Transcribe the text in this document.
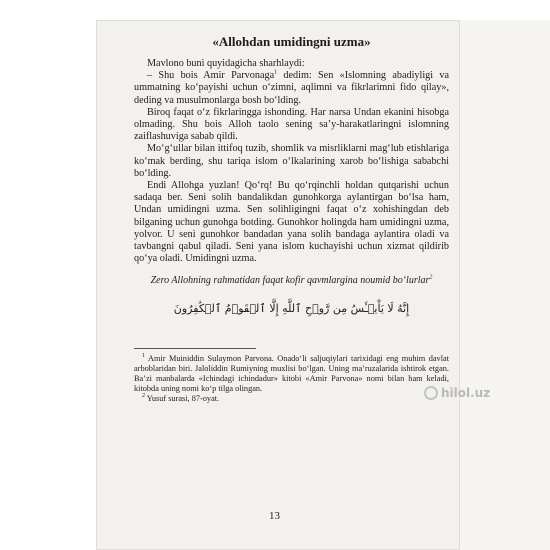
«Allohdan umidingni uzma»

Mavlono buni quyidagicha sharhlaydi:

– Shu bois Amir Parvonaga$^1$ dedim: Sen «Islomning abadiyligi va ummatning ko‘payishi uchun o‘zimni, aqlimni va fikrlarimni fido qilay», deding va musulmonlarga bosh bo‘lding.

Biroq faqat o‘z fikrlaringga ishonding. Har narsa Undan ekanini hisobga olmading. Shu bois Alloh taolo sening sa’y-harakatlaringni islomning zaiflashuviga sabab qildi.

Mo‘g‘ullar bilan ittifoq tuzib, shomlik va misrliklarni mag‘lub etishlariga ko‘mak berding, shu tariqa islom o‘lkalarining xarob bo‘lishiga sababchi bo‘lding.

Endi Allohga yuzlan! Qo‘rq! Bu qo‘rqinchli holdan qutqarishi uchun sadaqa ber. Seni solih bandalikdan gunohkorga aylantirgan bo‘lsa ham, Undan umidingni uzma. Sen solihligingni faqat o‘z xohishingdan deb bilganing uchun gunohga botding. Gunohkor holingda ham umidingni uzma, yolvor. U seni gunohkor bandadan yana solih bandaga aylantira oladi va tavbangni qabul qiladi. Seni yana islom kuchayishi uchun xizmat qildirib qo‘ya oladi. Umidingni uzma.

Zero Allohning rahmatidan faqat kofir qavmlargina noumid bo‘lurlar$^2$
إِنَّهُ لَا يَاْيۡـَٔسُ مِن رَّوۡحِ ٱللَّهِ إِلَّا ٱلۡقَوۡمُ ٱلۡكَٰفِرُونَ

$^1$ Amir Muiniddin Sulaymon Parvona. Onado‘li saljuqiylari tarixidagi eng muhim davlat arboblaridan biri. Jaloliddin Rumiyning muxlisi bo‘lgan. Uning ma’ruzalarida ishtirok etgan. Ba’zi manbalarda «Ichindagi ichindadur» kitobi «Amir Parvona» nomi bilan ham keladi, kitobda uning nomi ko‘p tilga olingan.

$^2$ Yusuf surasi, 87-oyat.

13
hilol.uz
